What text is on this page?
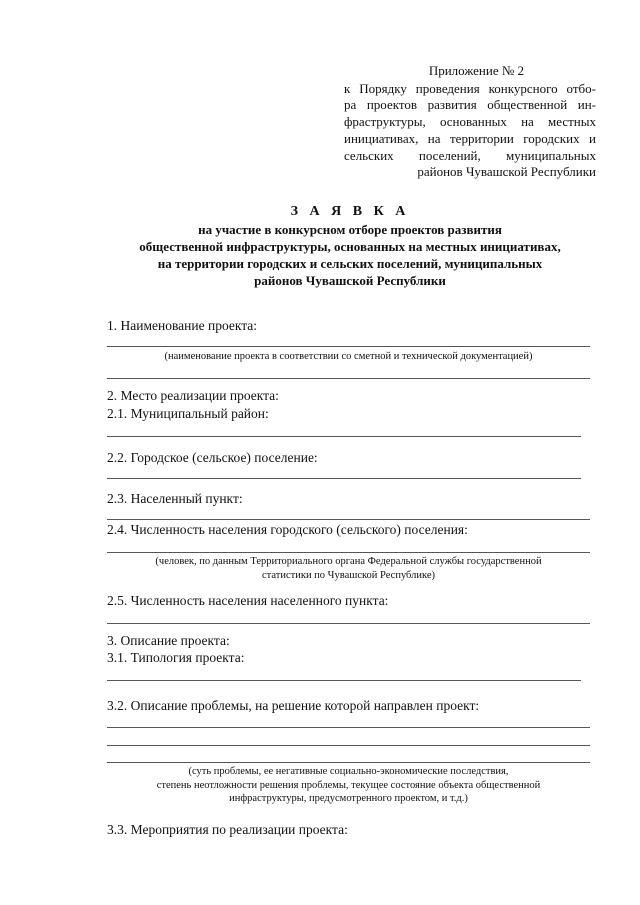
Приложение № 2
к Порядку проведения конкурсного отбо-
ра проектов развития общественной ин-
фраструктуры, основанных на местных
инициативах, на территории городских и
сельских поселений, муниципальных
районов Чувашской Республики
З А Я В К А
на участие в конкурсном отборе проектов развития
общественной инфраструктуры, основанных на местных инициативах,
на территории городских и сельских поселений, муниципальных
районов Чувашской Республики
1. Наименование проекта:
(наименование проекта в соответствии со сметной и технической документацией)
2. Место реализации проекта:
2.1. Муниципальный район:
2.2. Городское (сельское) поселение:
2.3. Населенный пункт:
2.4. Численность населения городского (сельского) поселения:
(человек, по данным Территориального органа Федеральной службы государственной
статистики по Чувашской Республике)
2.5. Численность населения населенного пункта:
3. Описание проекта:
3.1. Типология проекта:
3.2. Описание проблемы, на решение которой направлен проект:
(суть проблемы, ее негативные социально-экономические последствия,
степень неотложности решения проблемы, текущее состояние объекта общественной
инфраструктуры, предусмотренного проектом, и т.д.)
3.3. Мероприятия по реализации проекта:
